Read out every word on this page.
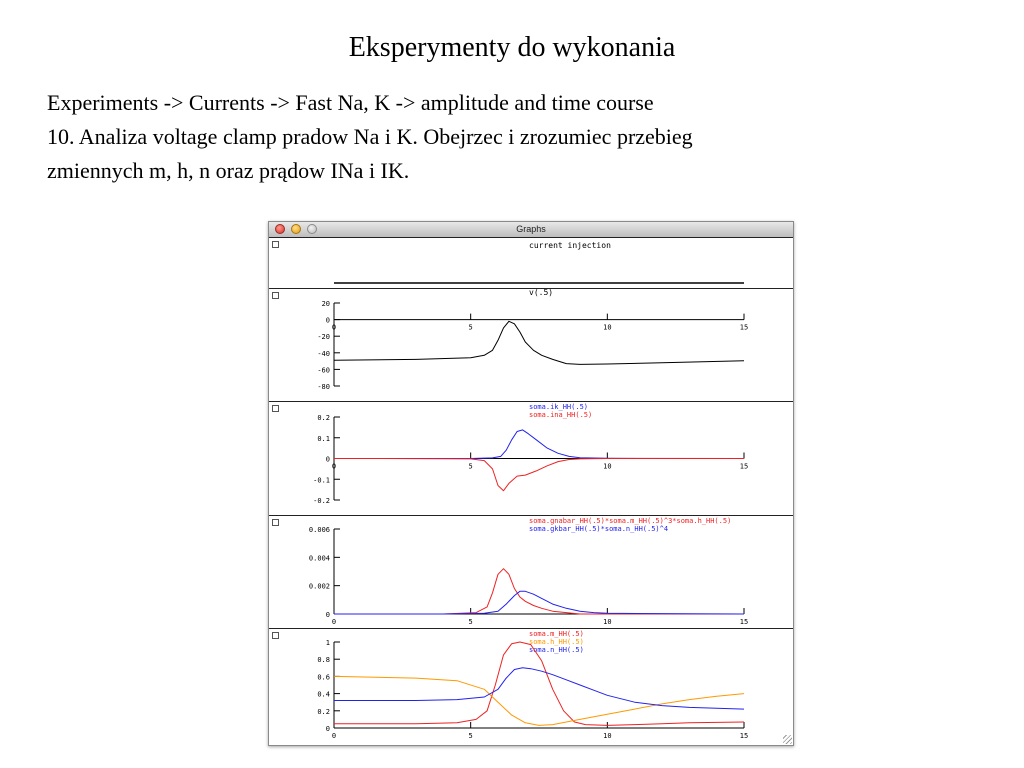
Eksperymenty do wykonania
Experiments -> Currents -> Fast Na, K -> amplitude and time course
10. Analiza voltage clamp pradow Na i K. Obejrzec i zrozumiec przebieg
zmiennych m, h, n oraz prądow INa i IK.
Graphs
current injection
v(.5)
0	5	10	15
20
0
-20
-40
-60
-80
soma.ik_HH(.5)
soma.ina_HH(.5)
0	5	10	15
0.2
0.1
0
-0.1
-0.2
soma.gnabar_HH(.5)*soma.m_HH(.5)^3*soma.h_HH(.5)
soma.gkbar_HH(.5)*soma.n_HH(.5)^4
0	5	10	15
0.006
0.004
0.002
0
soma.m_HH(.5)
soma.h_HH(.5)
soma.n_HH(.5)
0	5	10	15
1
0.8
0.6
0.4
0.2
0
